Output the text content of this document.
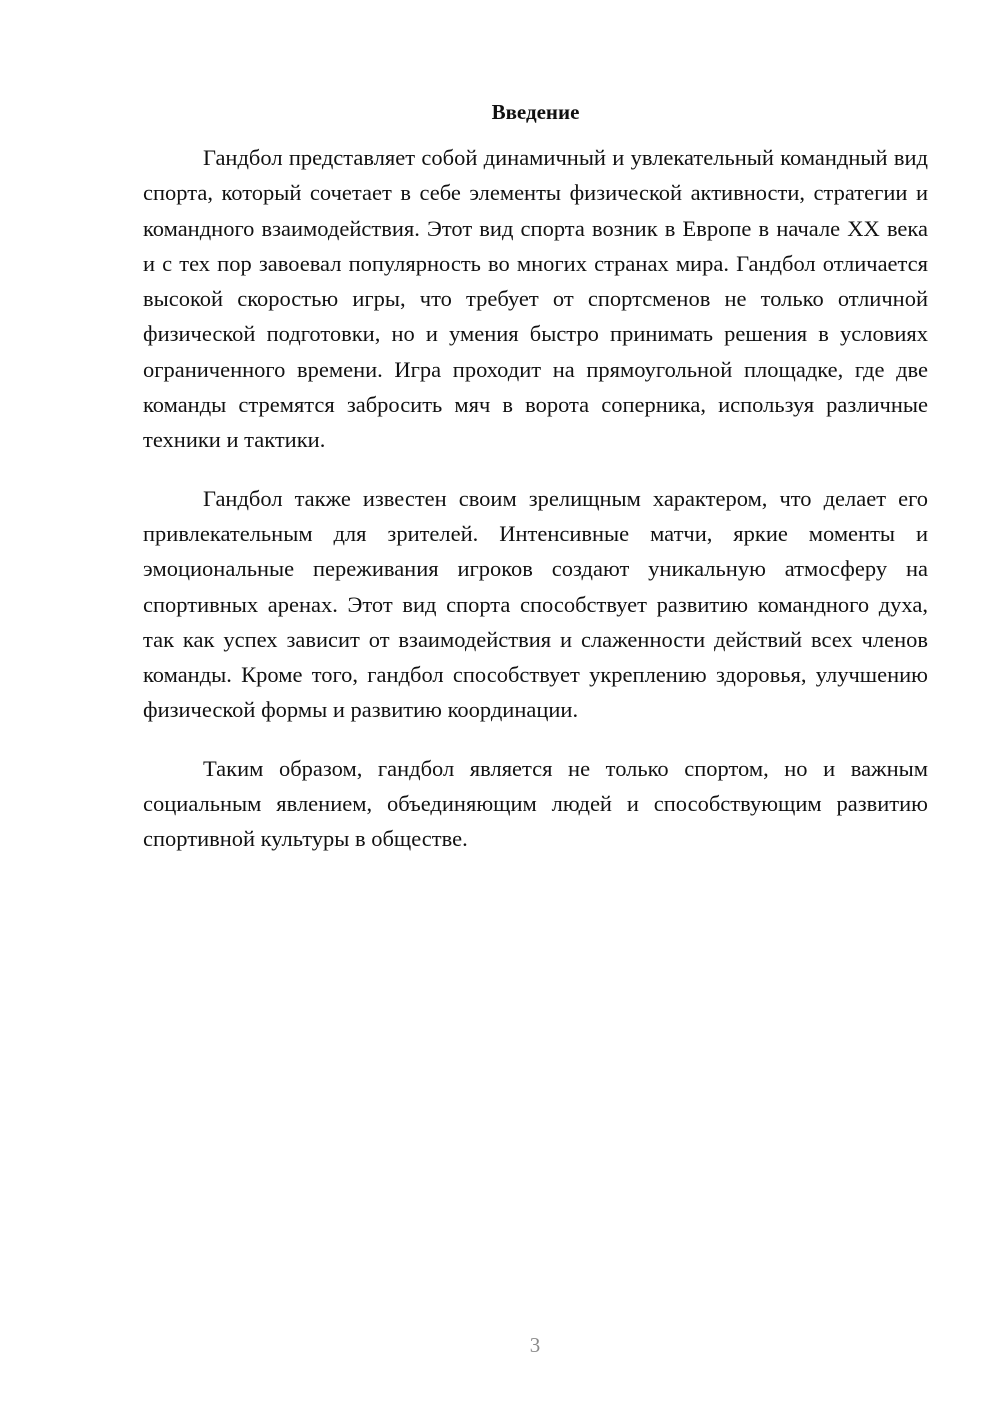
Введение

Гандбол представляет собой динамичный и увлекательный командный вид спорта, который сочетает в себе элементы физической активности, стратегии и командного взаимодействия. Этот вид спорта возник в Европе в начале XX века и с тех пор завоевал популярность во многих странах мира. Гандбол отличается высокой скоростью игры, что требует от спортсменов не только отличной физической подготовки, но и умения быстро принимать решения в условиях ограниченного времени. Игра проходит на прямоугольной площадке, где две команды стремятся забросить мяч в ворота соперника, используя различные техники и тактики.

Гандбол также известен своим зрелищным характером, что делает его привлекательным для зрителей. Интенсивные матчи, яркие моменты и эмоциональные переживания игроков создают уникальную атмосферу на спортивных аренах. Этот вид спорта способствует развитию командного духа, так как успех зависит от взаимодействия и слаженности действий всех членов команды. Кроме того, гандбол способствует укреплению здоровья, улучшению физической формы и развитию координации.

Таким образом, гандбол является не только спортом, но и важным социальным явлением, объединяющим людей и способствующим развитию спортивной культуры в обществе.

3
